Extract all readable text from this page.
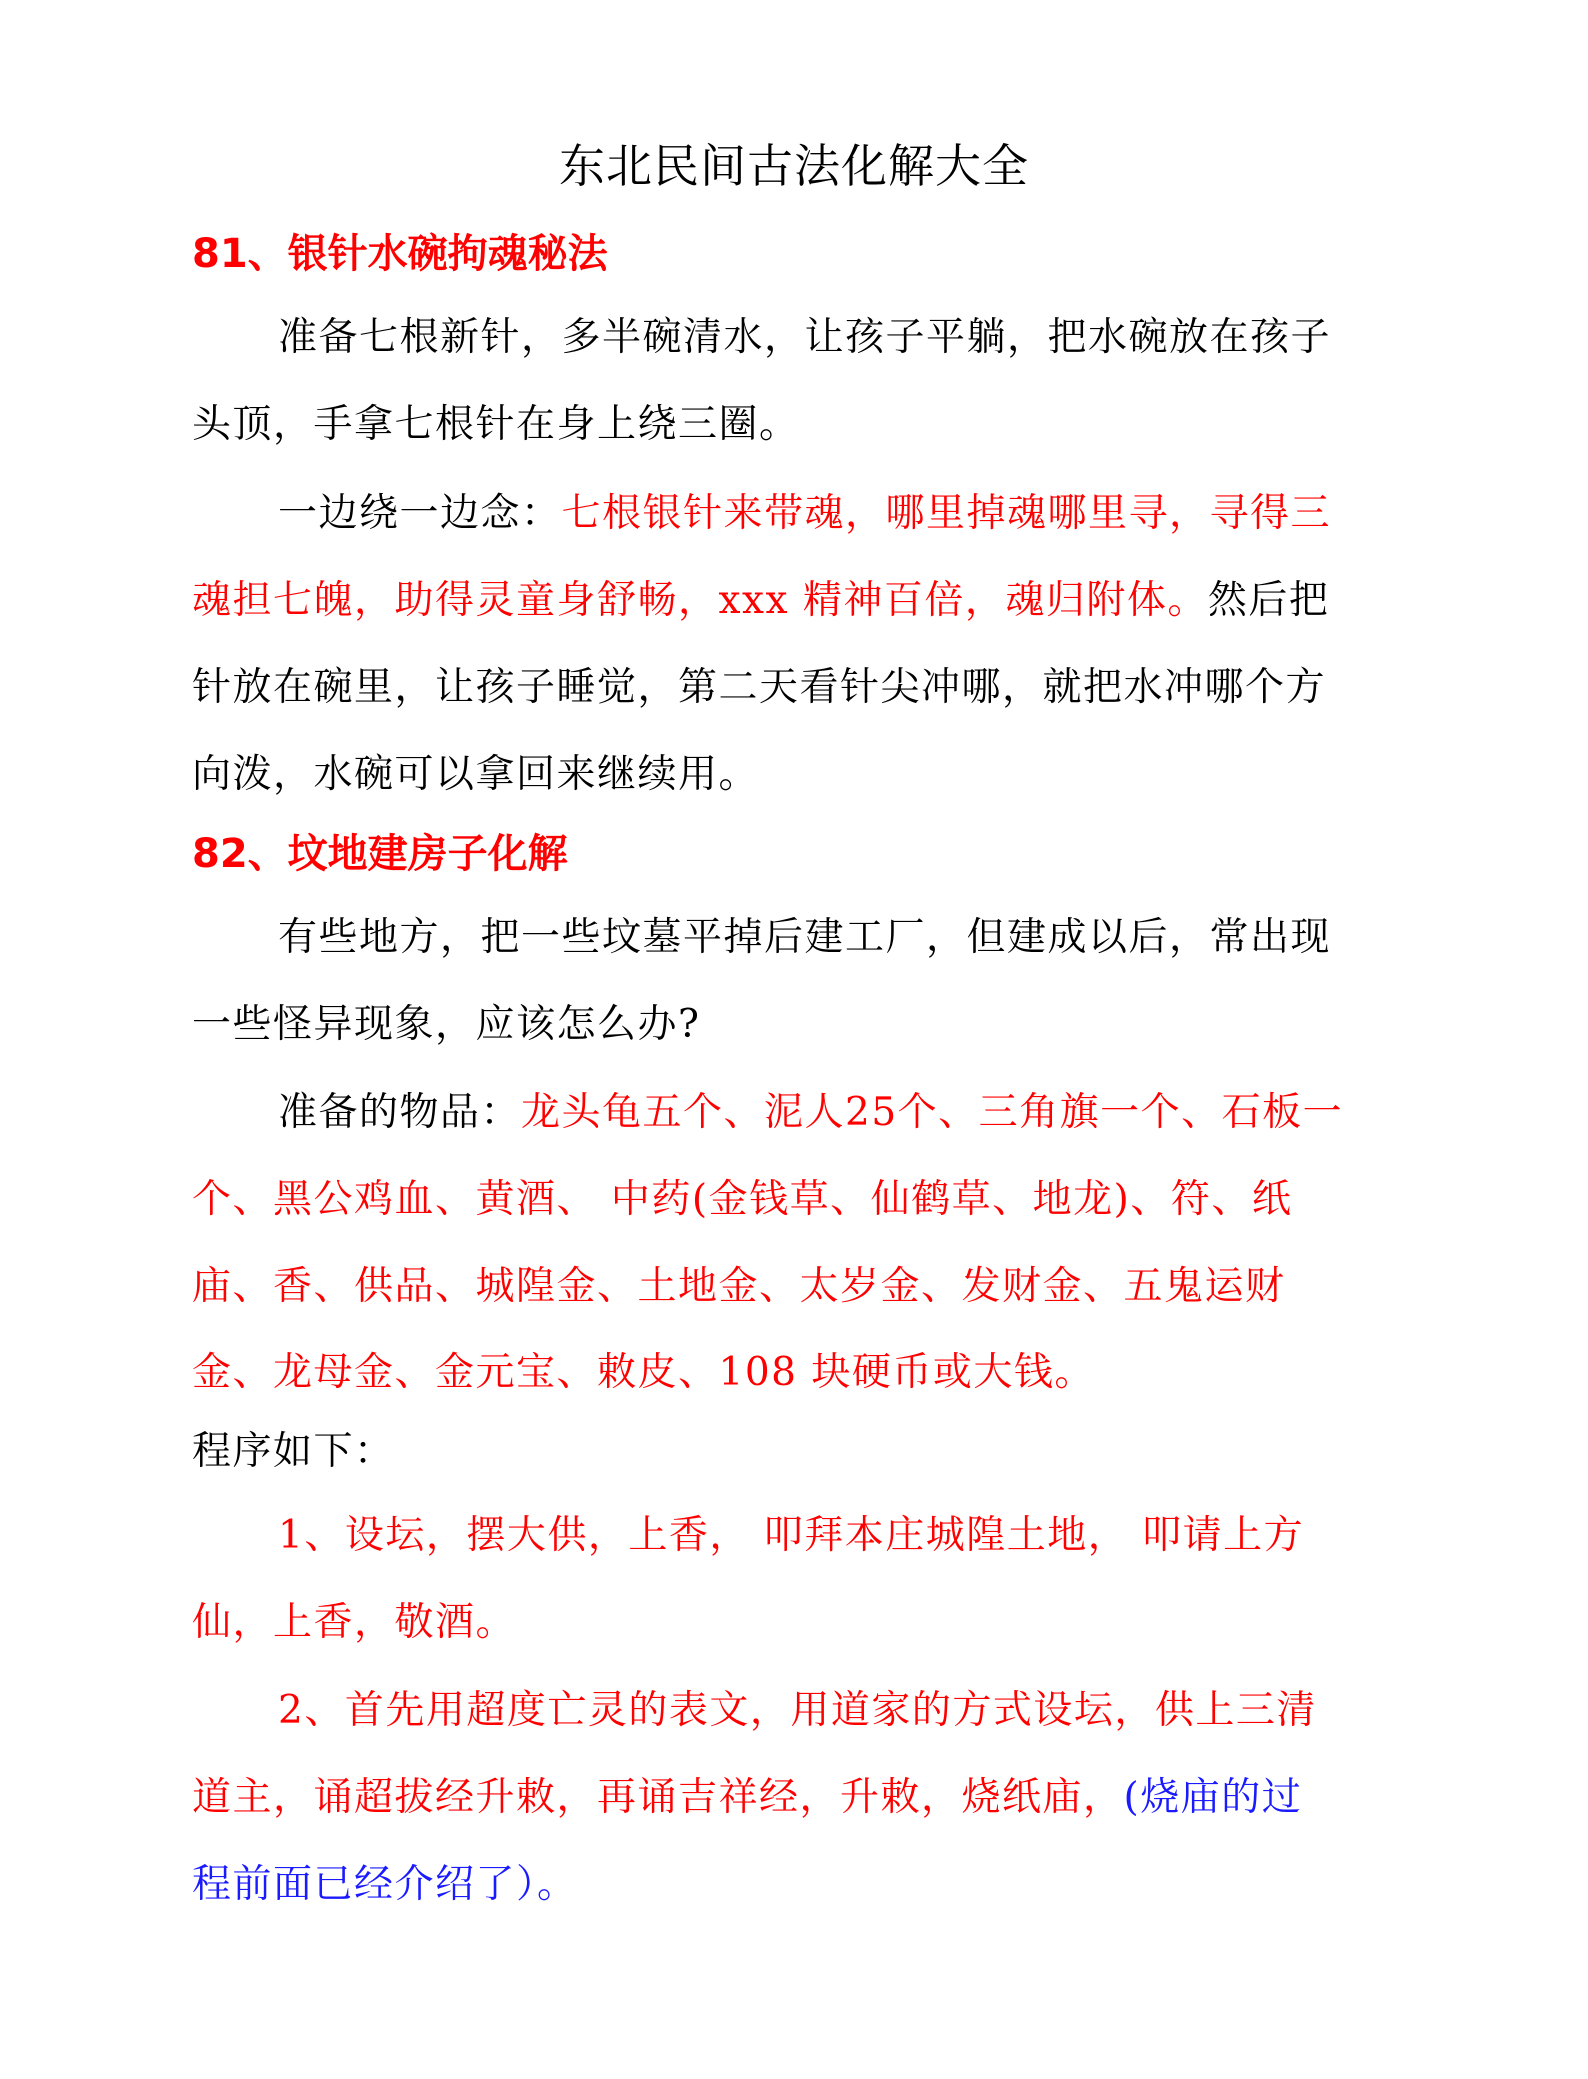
东北民间古法化解大全
81、银针水碗拘魂秘法
准备七根新针，多半碗清水，让孩子平躺，把水碗放在孩子
头顶，手拿七根针在身上绕三圈。
一边绕一边念：七根银针来带魂，哪里掉魂哪里寻，寻得三
魂担七魄，助得灵童身舒畅，xxx 精神百倍，魂归附体。然后把
针放在碗里，让孩子睡觉，第二天看针尖冲哪，就把水冲哪个方
向泼，水碗可以拿回来继续用。
82、坟地建房子化解
有些地方，把一些坟墓平掉后建工厂，但建成以后，常出现
一些怪异现象，应该怎么办?
准备的物品：龙头龟五个、泥人25个、三角旗一个、石板一
个、黑公鸡血、黄酒、 中药(金钱草、仙鹤草、地龙)、符、纸
庙、香、供品、城隍金、土地金、太岁金、发财金、五鬼运财
金、龙母金、金元宝、敕皮、108 块硬币或大钱。
程序如下：
1、设坛，摆大供，上香， 叩拜本庄城隍土地， 叩请上方
仙，上香，敬酒。
2、首先用超度亡灵的表文，用道家的方式设坛，供上三清
道主，诵超拔经升敕，再诵吉祥经，升敕，烧纸庙，(烧庙的过
程前面已经介绍了）。
